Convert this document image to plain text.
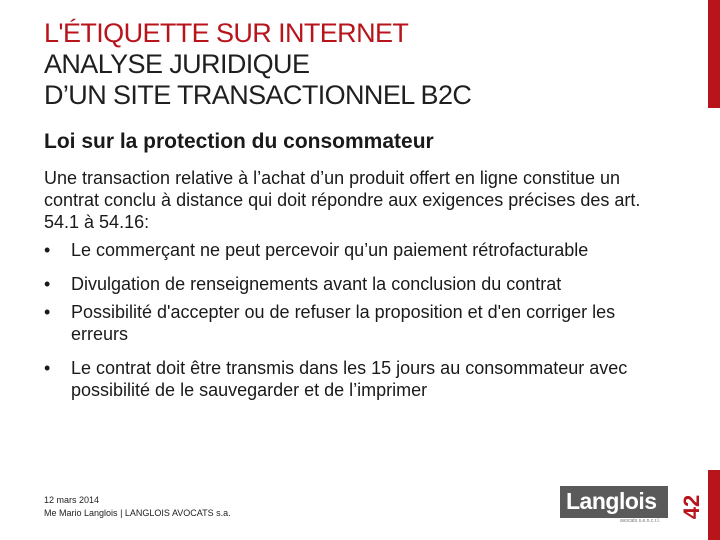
42
L'ÉTIQUETTE SUR INTERNET
ANALYSE JURIDIQUE
D’UN SITE TRANSACTIONNEL B2C
Loi sur la protection du consommateur

Une transaction relative à l’achat d’un produit offert en ligne constitue un contrat conclu à distance qui doit répondre aux exigences précises des art. 54.1 à 54.16:

• Le commerçant ne peut percevoir qu’un paiement rétrofacturable
• Divulgation de renseignements avant la conclusion du contrat
• Possibilité d'accepter ou de refuser la proposition et d'en corriger les erreurs
• Le contrat doit être transmis dans les 15 jours au consommateur avec possibilité de le sauvegarder et de l’imprimer
12 mars 2014
Me Mario Langlois | LANGLOIS AVOCATS s.a.	Langlois
avocats s.e.n.c.r.l.
